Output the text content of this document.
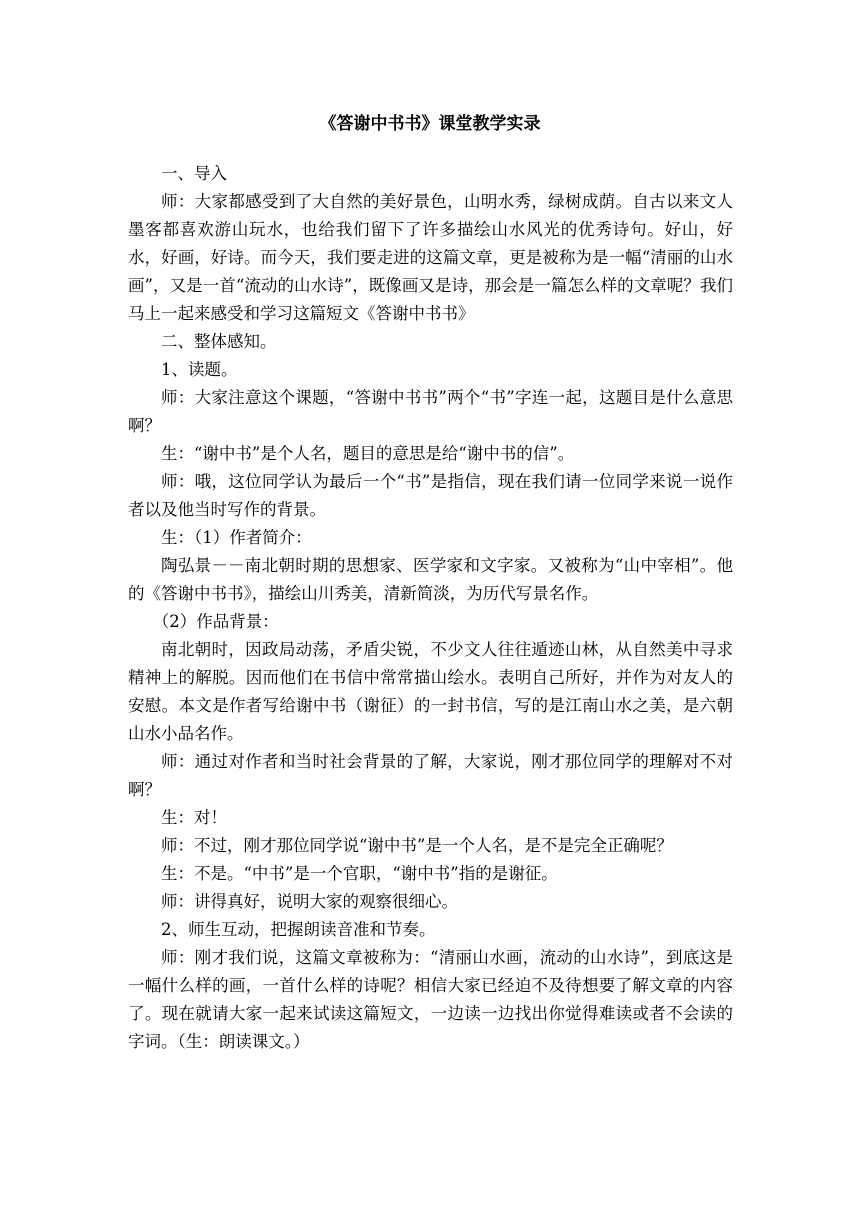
《答谢中书书》课堂教学实录

一、导入

师：大家都感受到了大自然的美好景色，山明水秀，绿树成荫。自古以来文人墨客都喜欢游山玩水，也给我们留下了许多描绘山水风光的优秀诗句。好山，好水，好画，好诗。而今天，我们要走进的这篇文章，更是被称为是一幅“清丽的山水画”，又是一首“流动的山水诗”，既像画又是诗，那会是一篇怎么样的文章呢？我们马上一起来感受和学习这篇短文《答谢中书书》

二、整体感知。

1、读题。

师：大家注意这个课题，“答谢中书书”两个“书”字连一起，这题目是什么意思啊？

生：“谢中书”是个人名，题目的意思是给“谢中书的信”。

师：哦，这位同学认为最后一个“书”是指信，现在我们请一位同学来说一说作者以及他当时写作的背景。

生：（1）作者简介：

陶弘景－－南北朝时期的思想家、医学家和文字家。又被称为“山中宰相”。他的《答谢中书书》，描绘山川秀美，清新简淡，为历代写景名作。

（2）作品背景：

南北朝时，因政局动荡，矛盾尖锐，不少文人往往遁迹山林，从自然美中寻求精神上的解脱。因而他们在书信中常常描山绘水。表明自己所好，并作为对友人的安慰。本文是作者写给谢中书（谢征）的一封书信，写的是江南山水之美，是六朝山水小品名作。

师：通过对作者和当时社会背景的了解，大家说，刚才那位同学的理解对不对啊？

生：对！

师：不过，刚才那位同学说“谢中书”是一个人名，是不是完全正确呢？

生：不是。“中书”是一个官职，“谢中书”指的是谢征。

师：讲得真好，说明大家的观察很细心。

2、师生互动，把握朗读音准和节奏。

师：刚才我们说，这篇文章被称为：“清丽山水画，流动的山水诗”，到底这是一幅什么样的画，一首什么样的诗呢？相信大家已经迫不及待想要了解文章的内容了。现在就请大家一起来试读这篇短文，一边读一边找出你觉得难读或者不会读的字词。（生：朗读课文。）
